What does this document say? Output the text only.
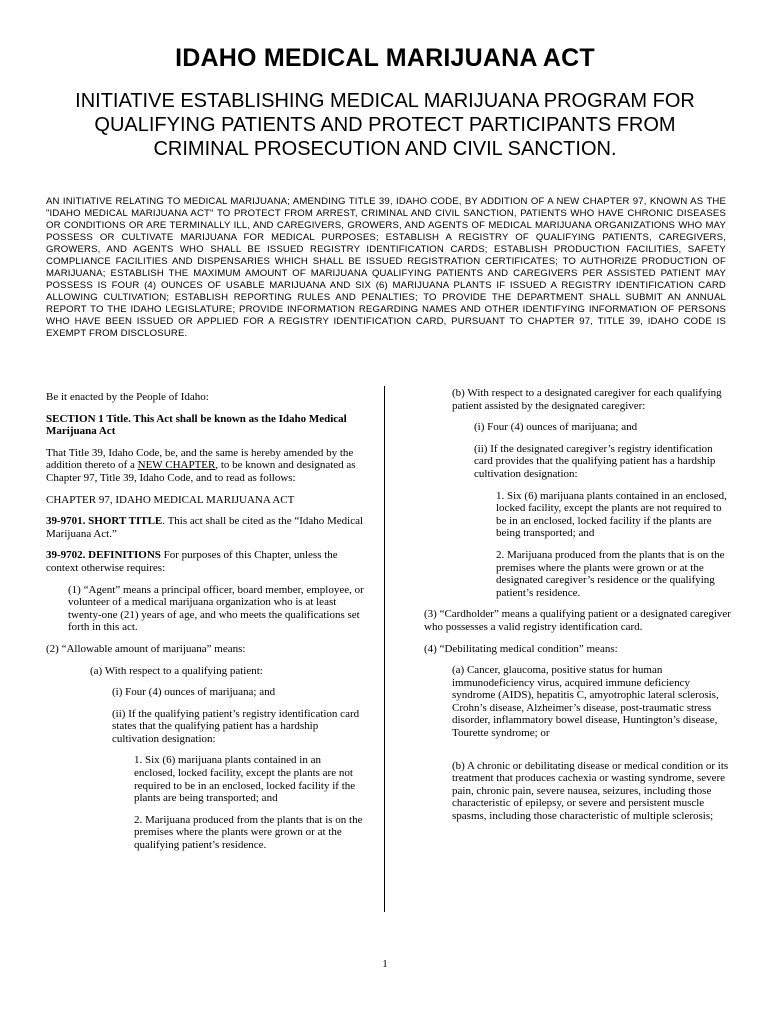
IDAHO MEDICAL MARIJUANA ACT
INITIATIVE ESTABLISHING MEDICAL MARIJUANA PROGRAM FOR QUALIFYING PATIENTS AND PROTECT PARTICIPANTS FROM CRIMINAL PROSECUTION AND CIVIL SANCTION.
AN INITIATIVE RELATING TO MEDICAL MARIJUANA; AMENDING TITLE 39, IDAHO CODE, BY ADDITION OF A NEW CHAPTER 97, KNOWN AS THE "IDAHO MEDICAL MARIJUANA ACT" TO PROTECT FROM ARREST, CRIMINAL AND CIVIL SANCTION, PATIENTS WHO HAVE CHRONIC DISEASES OR CONDITIONS OR ARE TERMINALLY ILL, AND CAREGIVERS, GROWERS, AND AGENTS OF MEDICAL MARIJUANA ORGANIZATIONS WHO MAY POSSESS OR CULTIVATE MARIJUANA FOR MEDICAL PURPOSES; ESTABLISH A REGISTRY OF QUALIFYING PATIENTS, CAREGIVERS, GROWERS, AND AGENTS WHO SHALL BE ISSUED REGISTRY IDENTIFICATION CARDS; ESTABLISH PRODUCTION FACILITIES, SAFETY COMPLIANCE FACILITIES AND DISPENSARIES WHICH SHALL BE ISSUED REGISTRATION CERTIFICATES; TO AUTHORIZE PRODUCTION OF MARIJUANA; ESTABLISH THE MAXIMUM AMOUNT OF MARIJUANA QUALIFYING PATIENTS AND CAREGIVERS PER ASSISTED PATIENT MAY POSSESS IS FOUR (4) OUNCES OF USABLE MARIJUANA AND SIX (6) MARIJUANA PLANTS IF ISSUED A REGISTRY IDENTIFICATION CARD ALLOWING CULTIVATION; ESTABLISH REPORTING RULES AND PENALTIES; TO PROVIDE THE DEPARTMENT SHALL SUBMIT AN ANNUAL REPORT TO THE IDAHO LEGISLATURE; PROVIDE INFORMATION REGARDING NAMES AND OTHER IDENTIFYING INFORMATION OF PERSONS WHO HAVE BEEN ISSUED OR APPLIED FOR A REGISTRY IDENTIFICATION CARD, PURSUANT TO CHAPTER 97, TITLE 39, IDAHO CODE IS EXEMPT FROM DISCLOSURE.

Be it enacted by the People of Idaho:

SECTION 1 Title. This Act shall be known as the Idaho Medical Marijuana Act

That Title 39, Idaho Code, be, and the same is hereby amended by the addition thereto of a NEW CHAPTER, to be known and designated as Chapter 97, Title 39, Idaho Code, and to read as follows:

CHAPTER 97, IDAHO MEDICAL MARIJUANA ACT

39-9701. SHORT TITLE. This act shall be cited as the “Idaho Medical Marijuana Act.”

39-9702. DEFINITIONS For purposes of this Chapter, unless the context otherwise requires:

(1) “Agent” means a principal officer, board member, employee, or volunteer of a medical marijuana organization who is at least twenty-one (21) years of age, and who meets the qualifications set forth in this act.

(2) “Allowable amount of marijuana” means:

(a) With respect to a qualifying patient:

(i) Four (4) ounces of marijuana; and

(ii) If the qualifying patient’s registry identification card states that the qualifying patient has a hardship cultivation designation:

1. Six (6) marijuana plants contained in an enclosed, locked facility, except the plants are not required to be in an enclosed, locked facility if the plants are being transported; and

2. Marijuana produced from the plants that is on the premises where the plants were grown or at the qualifying patient’s residence.

(b) With respect to a designated caregiver for each qualifying patient assisted by the designated caregiver:

(i) Four (4) ounces of marijuana; and

(ii) If the designated caregiver’s registry identification card provides that the qualifying patient has a hardship cultivation designation:

1. Six (6) marijuana plants contained in an enclosed, locked facility, except the plants are not required to be in an enclosed, locked facility if the plants are being transported; and

2. Marijuana produced from the plants that is on the premises where the plants were grown or at the designated caregiver’s residence or the qualifying patient’s residence.

(3) “Cardholder” means a qualifying patient or a designated caregiver who possesses a valid registry identification card.

(4) “Debilitating medical condition” means:

(a) Cancer, glaucoma, positive status for human immunodeficiency virus, acquired immune deficiency syndrome (AIDS), hepatitis C, amyotrophic lateral sclerosis, Crohn’s disease, Alzheimer’s disease, post-traumatic stress disorder, inflammatory bowel disease, Huntington’s disease, Tourette syndrome; or

(b) A chronic or debilitating disease or medical condition or its treatment that produces cachexia or wasting syndrome, severe pain, chronic pain, severe nausea, seizures, including those characteristic of epilepsy, or severe and persistent muscle spasms, including those characteristic of multiple sclerosis;

1
